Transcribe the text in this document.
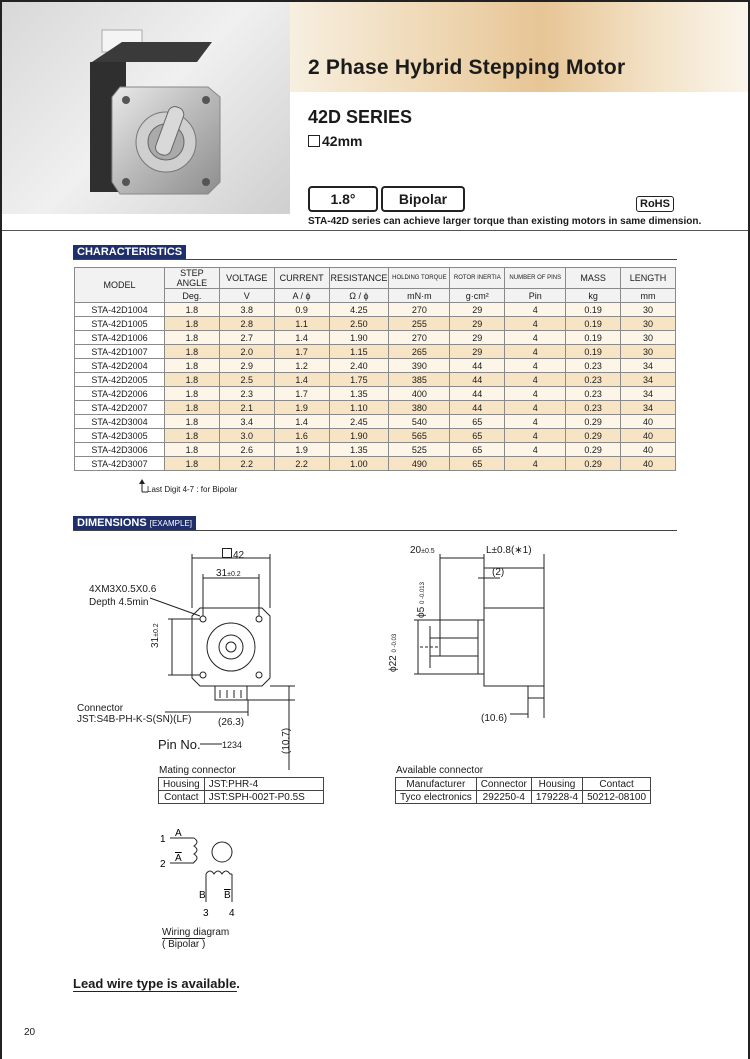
2 Phase Hybrid Stepping Motor
42D SERIES
42mm
1.8°	Bipolar	RoHS
STA-42D series can achieve larger torque than existing motors in same dimension.
CHARACTERISTICS
MODEL	STEP ANGLE	VOLTAGE	CURRENT	RESISTANCE	HOLDING TORQUE	ROTOR INERTIA	NUMBER OF PINS	MASS	LENGTH
	Deg.	V	A / ϕ	Ω / ϕ	mN·m	g·cm²	Pin	kg	mm
STA-42D1004	1.8	3.8	0.9	4.25	270	29	4	0.19	30
STA-42D1005	1.8	2.8	1.1	2.50	255	29	4	0.19	30
STA-42D1006	1.8	2.7	1.4	1.90	270	29	4	0.19	30
STA-42D1007	1.8	2.0	1.7	1.15	265	29	4	0.19	30
STA-42D2004	1.8	2.9	1.2	2.40	390	44	4	0.23	34
STA-42D2005	1.8	2.5	1.4	1.75	385	44	4	0.23	34
STA-42D2006	1.8	2.3	1.7	1.35	400	44	4	0.23	34
STA-42D2007	1.8	2.1	1.9	1.10	380	44	4	0.23	34
STA-42D3004	1.8	3.4	1.4	2.45	540	65	4	0.29	40
STA-42D3005	1.8	3.0	1.6	1.90	565	65	4	0.29	40
STA-42D3006	1.8	2.6	1.9	1.35	525	65	4	0.29	40
STA-42D3007	1.8	2.2	2.2	1.00	490	65	4	0.29	40
Last Digit 4-7 : for Bipolar
DIMENSIONS [EXAMPLE]
42
31±0.2
31±0.2
4XM3X0.5X0.6
Depth 4.5min
Connector
JST:S4B-PH-K-S(SN)(LF)	(26.3)
(10.7)
Pin No. 1234
20±0.5	L±0.8(∗1)
(2)
ϕ5 0 -0.013
ϕ22 0 -0.03
(10.6)
Mating connector
Housing	JST:PHR-4
Contact	JST:SPH-002T-P0.5S
Available connector
Manufacturer	Connector	Housing	Contact
Tyco electronics	292250-4	179228-4	50212-08100
A
A
B B
1
2
3 4
Wiring diagram
( Bipolar )
Lead wire type is available.
20
